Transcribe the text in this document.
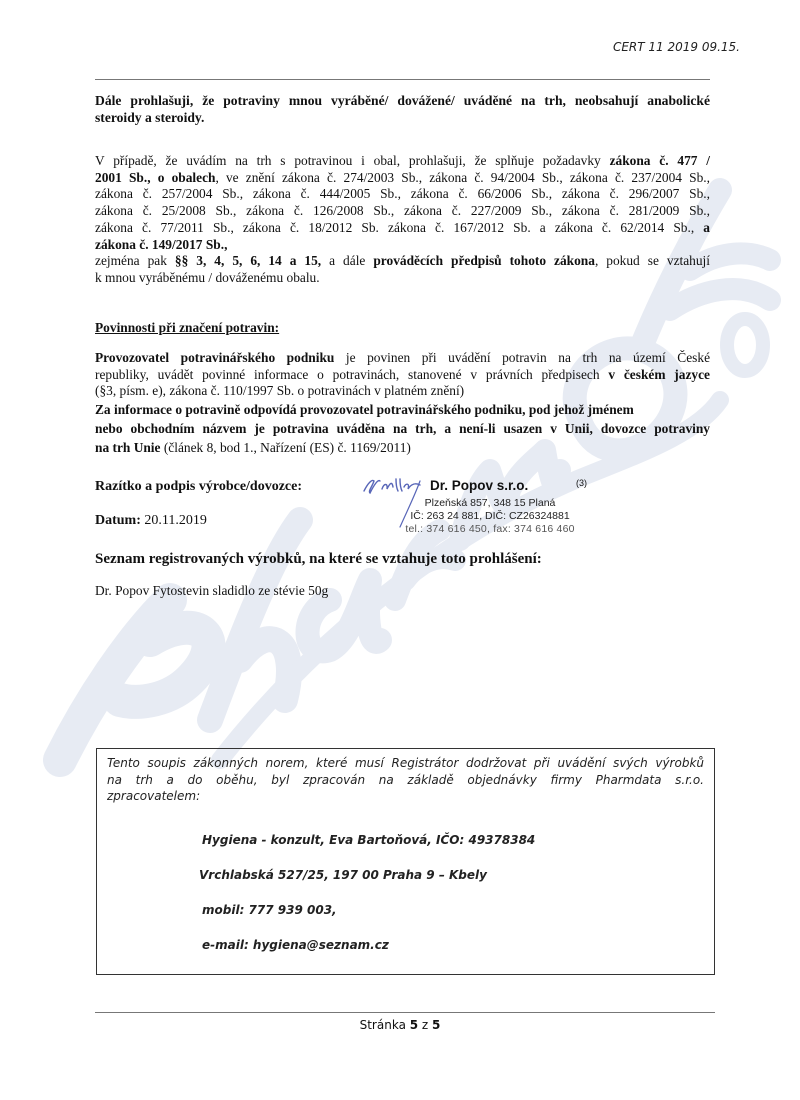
CERT 11 2019 09.15.

Dále prohlašuji, že potraviny mnou vyráběné/ dovážené/ uváděné na trh, neobsahují anabolické
steroidy a steroidy.

V případě, že uvádím na trh s potravinou i obal, prohlašuji, že splňuje požadavky zákona č. 477 /
2001 Sb., o obalech, ve znění zákona č. 274/2003 Sb., zákona č. 94/2004 Sb., zákona č. 237/2004 Sb.,
zákona č. 257/2004 Sb., zákona č. 444/2005 Sb., zákona č. 66/2006 Sb., zákona č. 296/2007 Sb.,
zákona č. 25/2008 Sb., zákona č. 126/2008 Sb., zákona č. 227/2009 Sb., zákona č. 281/2009 Sb.,
zákona č. 77/2011 Sb., zákona č. 18/2012 Sb. zákona č. 167/2012 Sb. a zákona č. 62/2014 Sb., a
zákona č. 149/2017 Sb.,
zejména pak §§ 3, 4, 5, 6, 14 a 15, a dále prováděcích předpisů tohoto zákona, pokud se vztahují
k mnou vyráběnému / dováženému obalu.

Povinnosti při značení potravin:

Provozovatel potravinářského podniku je povinen při uvádění potravin na trh na území České
republiky, uvádět povinné informace o potravinách, stanovené v právních předpisech v českém jazyce
(§3, písm. e), zákona č. 110/1997 Sb. o potravinách v platném znění)

Za informace o potravině odpovídá provozovatel potravinářského podniku, pod jehož jménem
nebo obchodním názvem je potravina uváděna na trh, a není-li usazen v Unii, dovozce potraviny
na trh Unie (článek 8, bod 1., Nařízení (ES) č. 1169/2011)

Razítko a podpis výrobce/dovozce:
Datum: 20.11.2019
Dr. Popov s.r.o.	(3)
Plzeňská 857, 348 15 Planá
IČ: 263 24 881, DIČ: CZ26324881
tel.: 374 616 450, fax: 374 616 460
Seznam registrovaných výrobků, na které se vztahuje toto prohlášení:
Dr. Popov Fytostevin sladidlo ze stévie 50g
Tento soupis zákonných norem, které musí Registrátor dodržovat při uvádění svých výrobků
na trh a do oběhu, byl zpracován na základě objednávky firmy Pharmdata s.r.o.
zpracovatelem:
Hygiena - konzult, Eva Bartoňová, IČO: 49378384
Vrchlabská 527/25, 197 00 Praha 9 – Kbely
mobil: 777 939 003,
e-mail: hygiena@seznam.cz
Stránka 5 z 5
